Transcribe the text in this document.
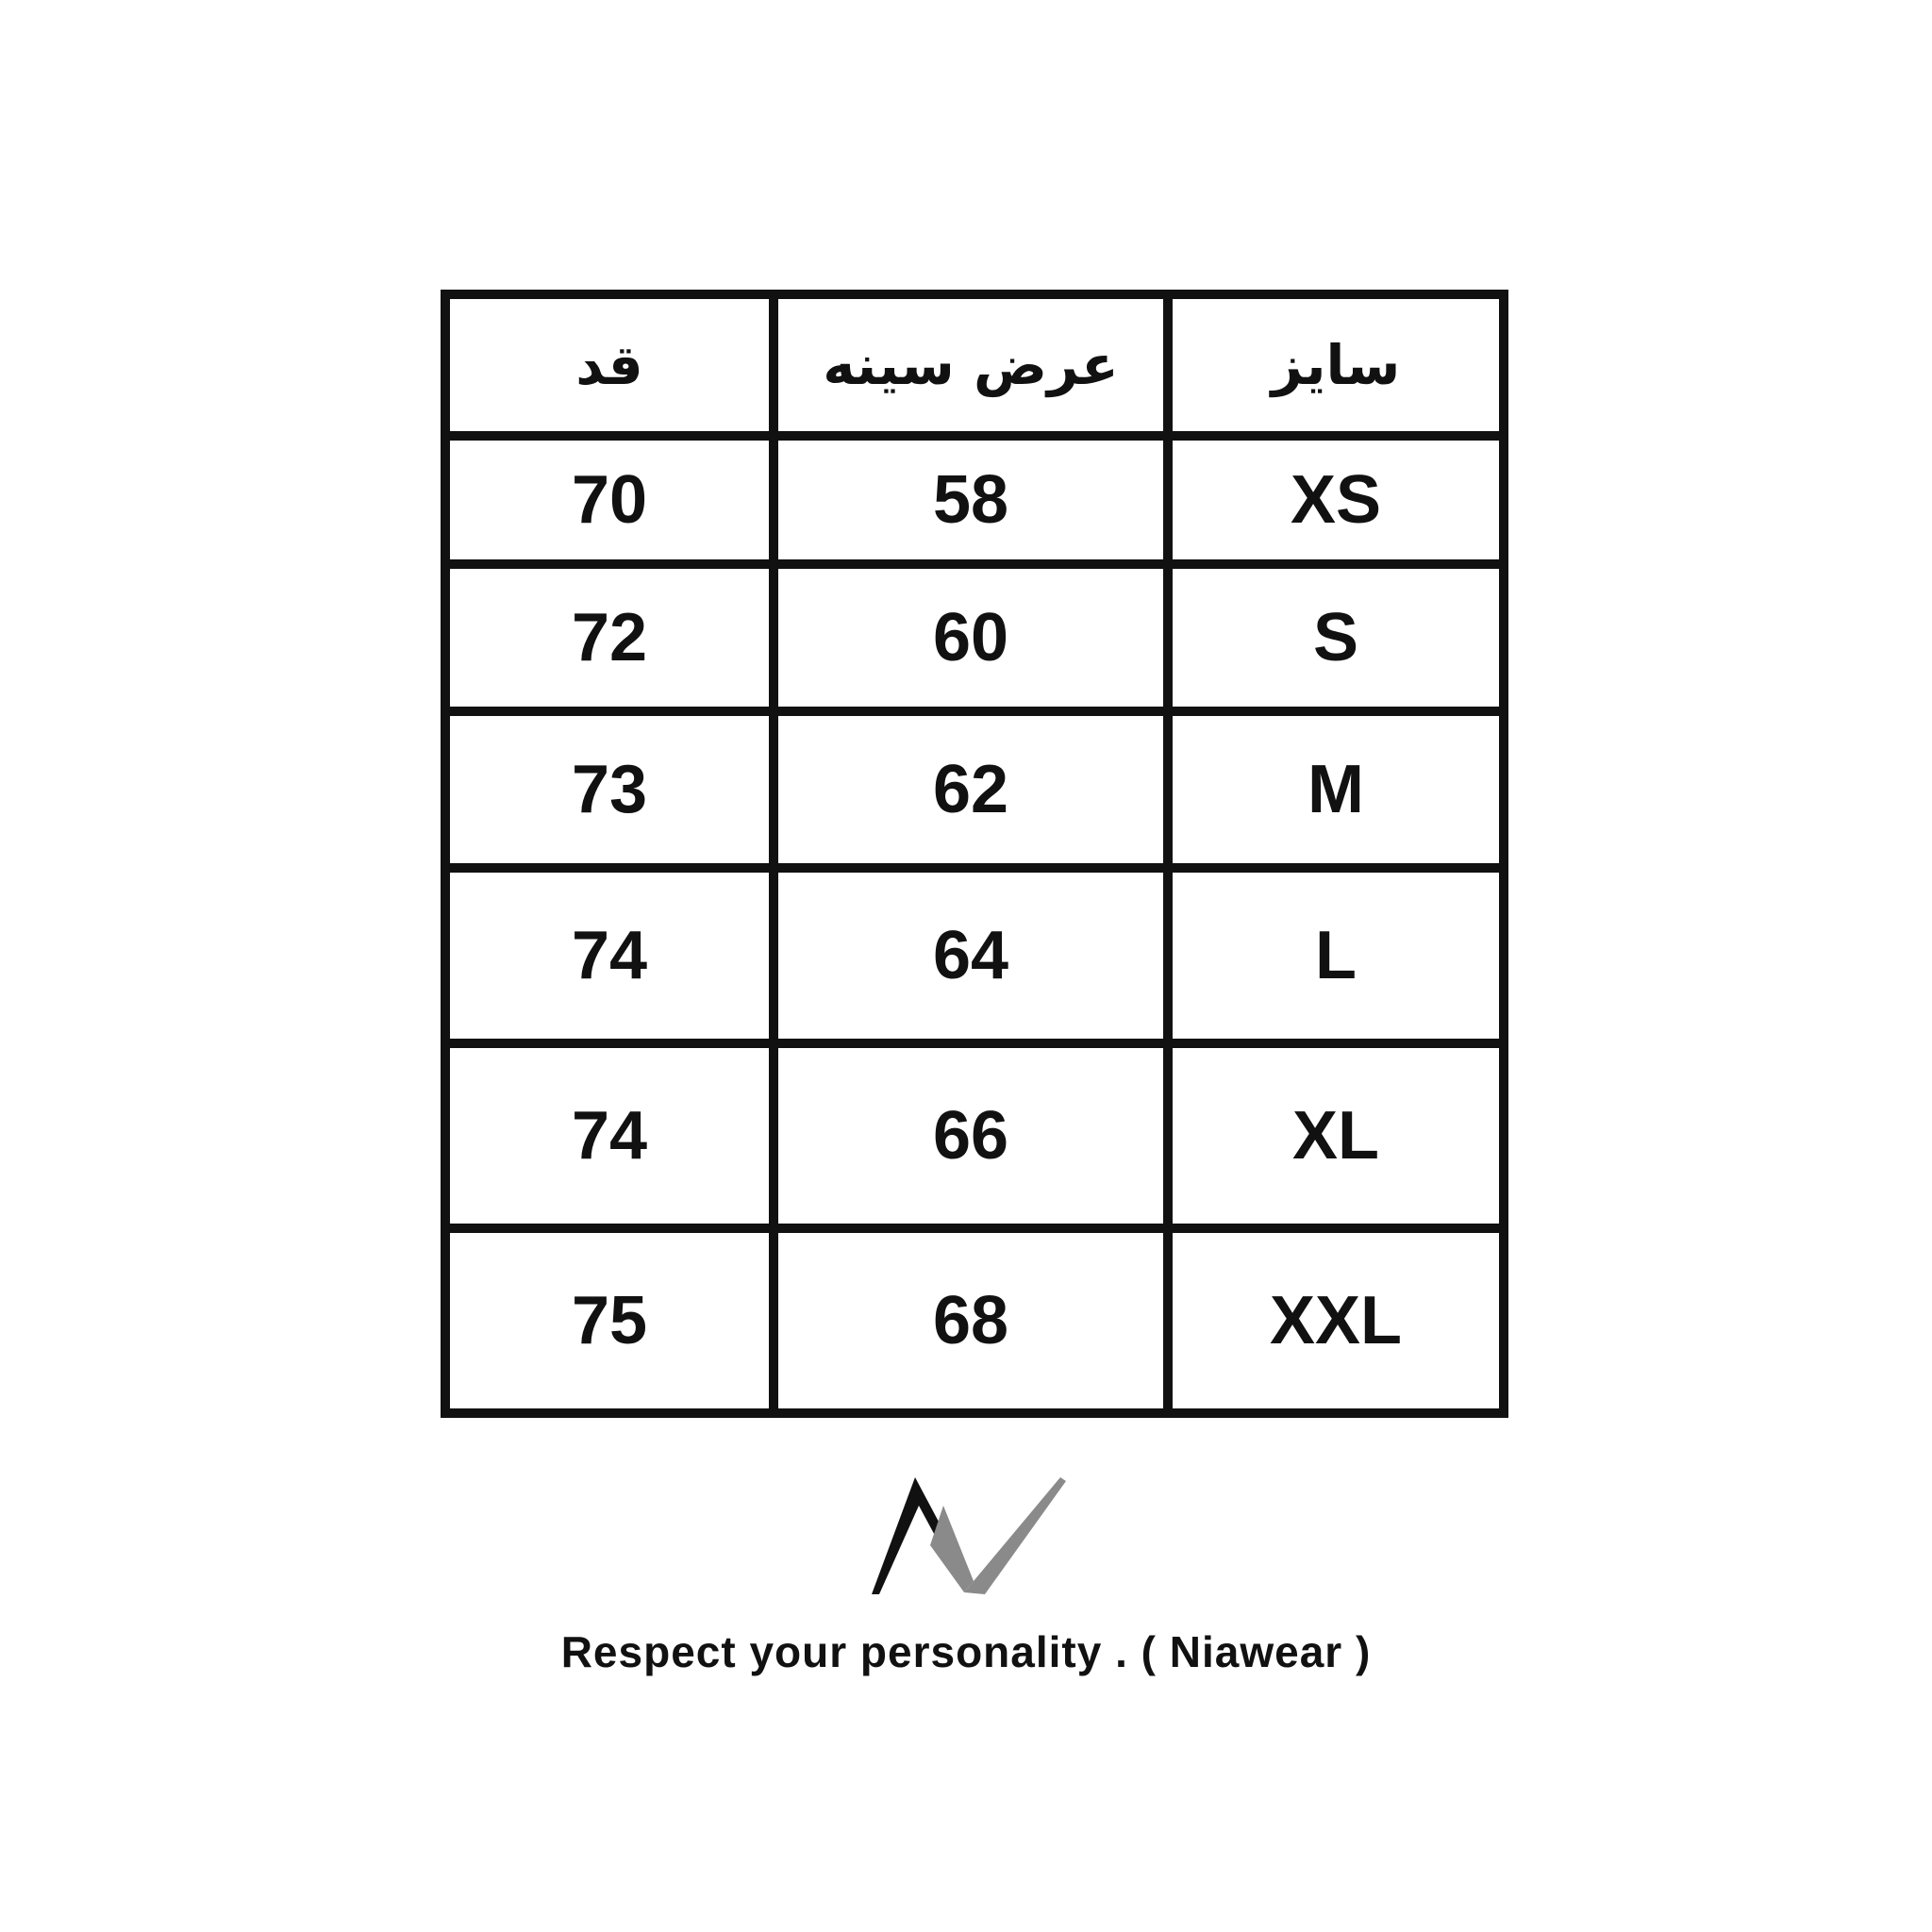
قد	عرض سینه	سایز
70	58	XS
72	60	S
73	62	M
74	64	L
74	66	XL
75	68	XXL
Respect your personality . ( Niawear )
